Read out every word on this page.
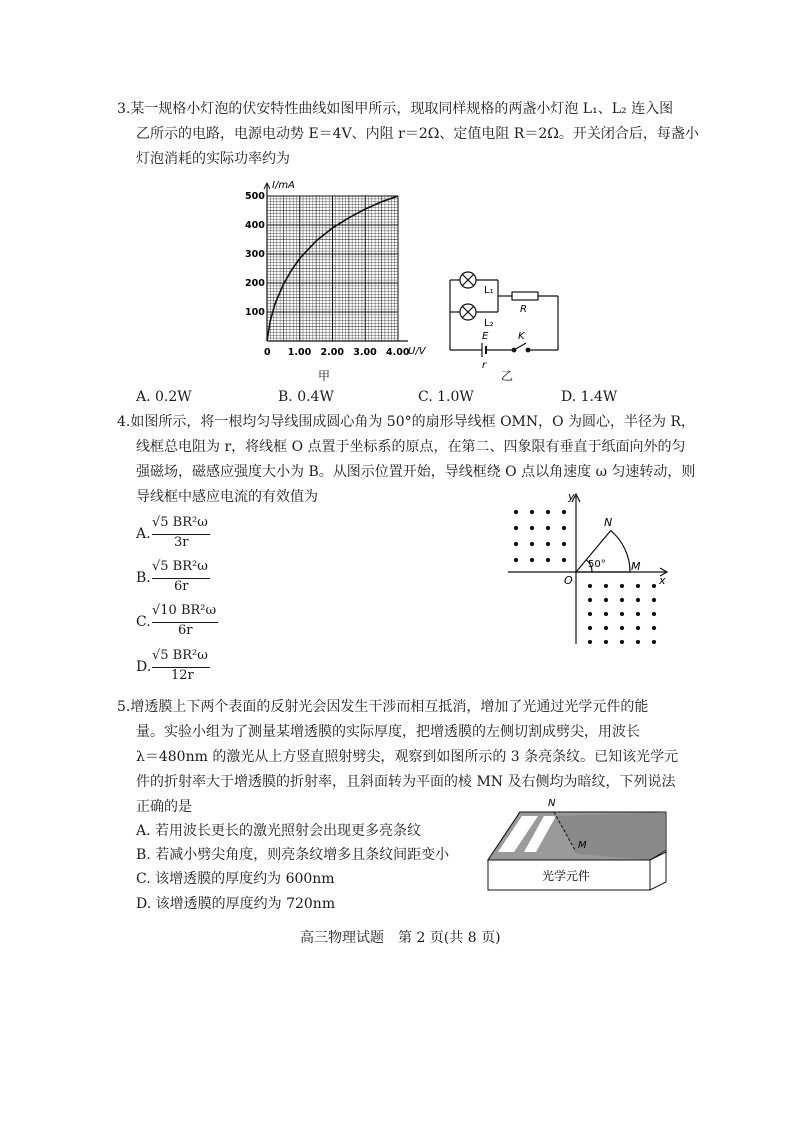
3.某一规格小灯泡的伏安特性曲线如图甲所示，现取同样规格的两盏小灯泡 L₁、L₂ 连入图
乙所示的电路，电源电动势 E＝4V、内阻 r＝2Ω、定值电阻 R＝2Ω。开关闭合后，每盏小
灯泡消耗的实际功率约为
0 1.00 2.00 3.00 4.00
100
200
300
400
500
I/mA
U/V
甲
L₁
L₂
R
E
r
K
乙
A. 0.2W	B. 0.4W	C. 1.0W	D. 1.4W
4.如图所示，将一根均匀导线围成圆心角为 50°的扇形导线框 OMN，O 为圆心，半径为 R，
线框总电阻为 r，将线框 O 点置于坐标系的原点，在第二、四象限有垂直于纸面向外的匀
强磁场，磁感应强度大小为 B。从图示位置开始，导线框绕 O 点以角速度 ω 匀速转动，则
导线框中感应电流的有效值为
A.
√5 BR²ω
3r
B.
√5 BR²ω
6r
C.
√10 BR²ω
6r
D.
√5 BR²ω
12r
y
x
O
M
N
50°
5.增透膜上下两个表面的反射光会因发生干涉而相互抵消，增加了光通过光学元件的能
量。实验小组为了测量某增透膜的实际厚度，把增透膜的左侧切割成劈尖，用波长
λ＝480nm 的激光从上方竖直照射劈尖，观察到如图所示的 3 条亮条纹。已知该光学元
件的折射率大于增透膜的折射率，且斜面转为平面的棱 MN 及右侧均为暗纹，下列说法
正确的是
A. 若用波长更长的激光照射会出现更多亮条纹
B. 若减小劈尖角度，则亮条纹增多且条纹间距变小
C. 该增透膜的厚度约为 600nm
D. 该增透膜的厚度约为 720nm
N
M
光学元件
高三物理试题　第 2 页(共 8 页)
